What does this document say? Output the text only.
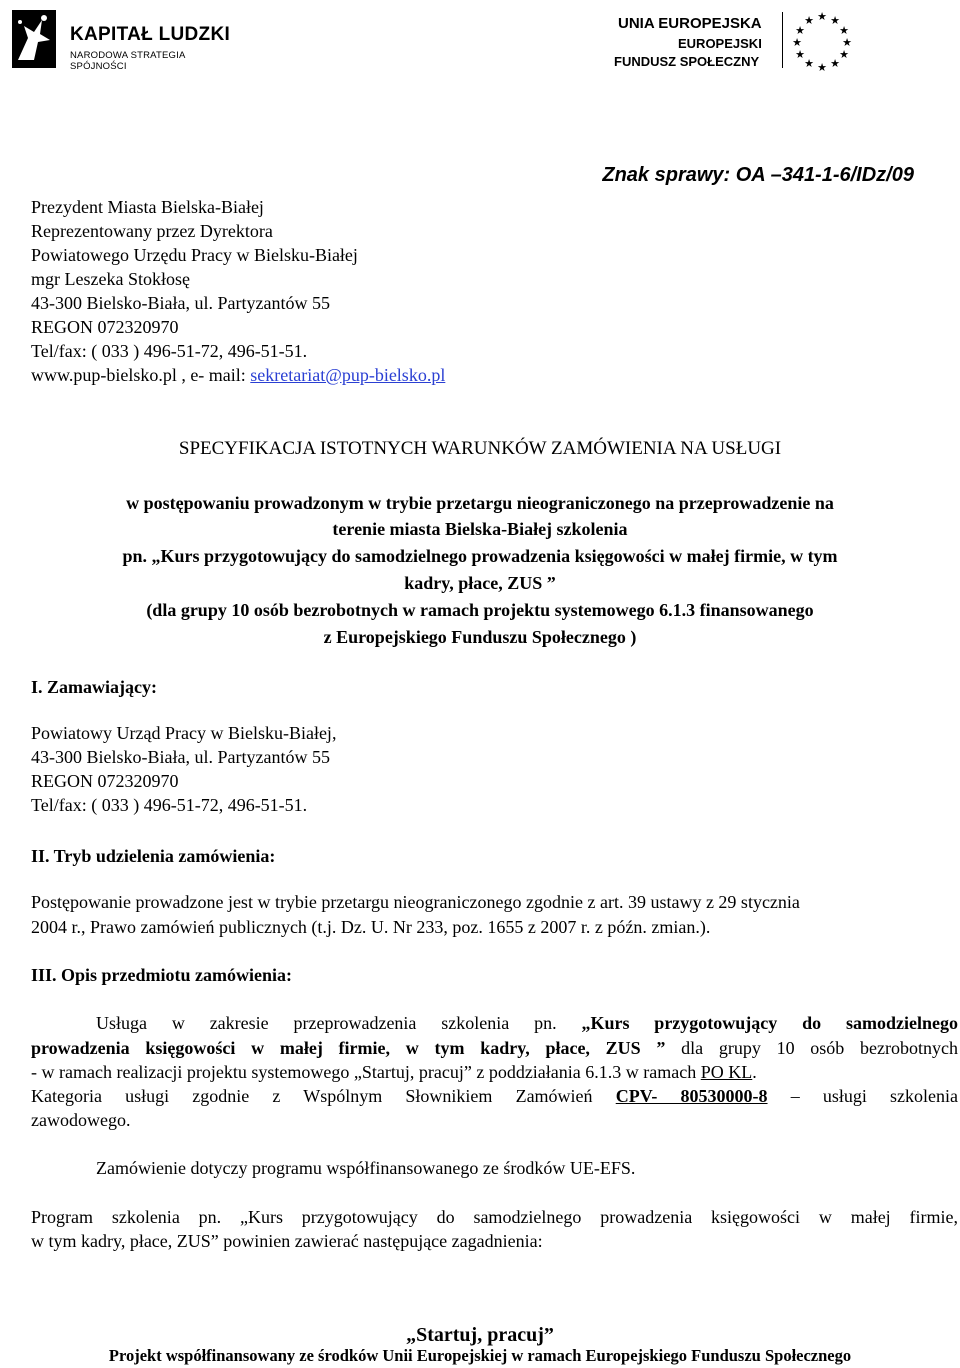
KAPITAŁ LUDZKI
NARODOWA STRATEGIA SPÓJNOŚCI
UNIA EUROPEJSKA
EUROPEJSKI
FUNDUSZ SPOŁECZNY
★ ★
★
★
★
★
★
★
★
★
★
★
Znak sprawy: OA –341-1-6/IDz/09
Prezydent Miasta Bielska-Białej
Reprezentowany przez Dyrektora
Powiatowego Urzędu Pracy w Bielsku-Białej
mgr Leszeka Stokłosę
43-300 Bielsko-Biała, ul. Partyzantów 55
REGON 072320970
Tel/fax: ( 033 ) 496-51-72, 496-51-51.
www.pup-bielsko.pl , e- mail: sekretariat@pup-bielsko.pl
SPECYFIKACJA ISTOTNYCH WARUNKÓW ZAMÓWIENIA NA USŁUGI
w postępowaniu prowadzonym w trybie przetargu nieograniczonego na przeprowadzenie na
terenie miasta Bielska-Białej szkolenia
pn. „Kurs przygotowujący do samodzielnego prowadzenia księgowości w małej firmie, w tym
kadry, płace, ZUS ”
(dla grupy 10 osób bezrobotnych w ramach projektu systemowego 6.1.3 finansowanego
z Europejskiego Funduszu Społecznego )
I. Zamawiający:
Powiatowy Urząd Pracy w Bielsku-Białej,
43-300 Bielsko-Biała, ul. Partyzantów 55
REGON 072320970
Tel/fax: ( 033 ) 496-51-72, 496-51-51.
II. Tryb udzielenia zamówienia:
Postępowanie prowadzone jest w trybie przetargu nieograniczonego zgodnie z art. 39 ustawy z 29 stycznia
2004 r., Prawo zamówień publicznych (t.j. Dz. U. Nr 233, poz. 1655 z 2007 r. z późn. zmian.).
III. Opis przedmiotu zamówienia:
Usługa w zakresie przeprowadzenia szkolenia pn. „Kurs przygotowujący do samodzielnego
prowadzenia księgowości w małej firmie, w tym kadry, płace, ZUS ” dla grupy 10 osób bezrobotnych
- w ramach realizacji projektu systemowego „Startuj, pracuj” z poddziałania 6.1.3 w ramach PO KL.
Kategoria usługi zgodnie z Wspólnym Słownikiem Zamówień CPV- 80530000-8 – usługi szkolenia
zawodowego.
Zamówienie dotyczy programu współfinansowanego ze środków UE-EFS.
Program szkolenia pn. „Kurs przygotowujący do samodzielnego prowadzenia księgowości w małej firmie,
w tym kadry, płace, ZUS” powinien zawierać następujące zagadnienia:
„Startuj, pracuj”
Projekt współfinansowany ze środków Unii Europejskiej w ramach Europejskiego Funduszu Społecznego
